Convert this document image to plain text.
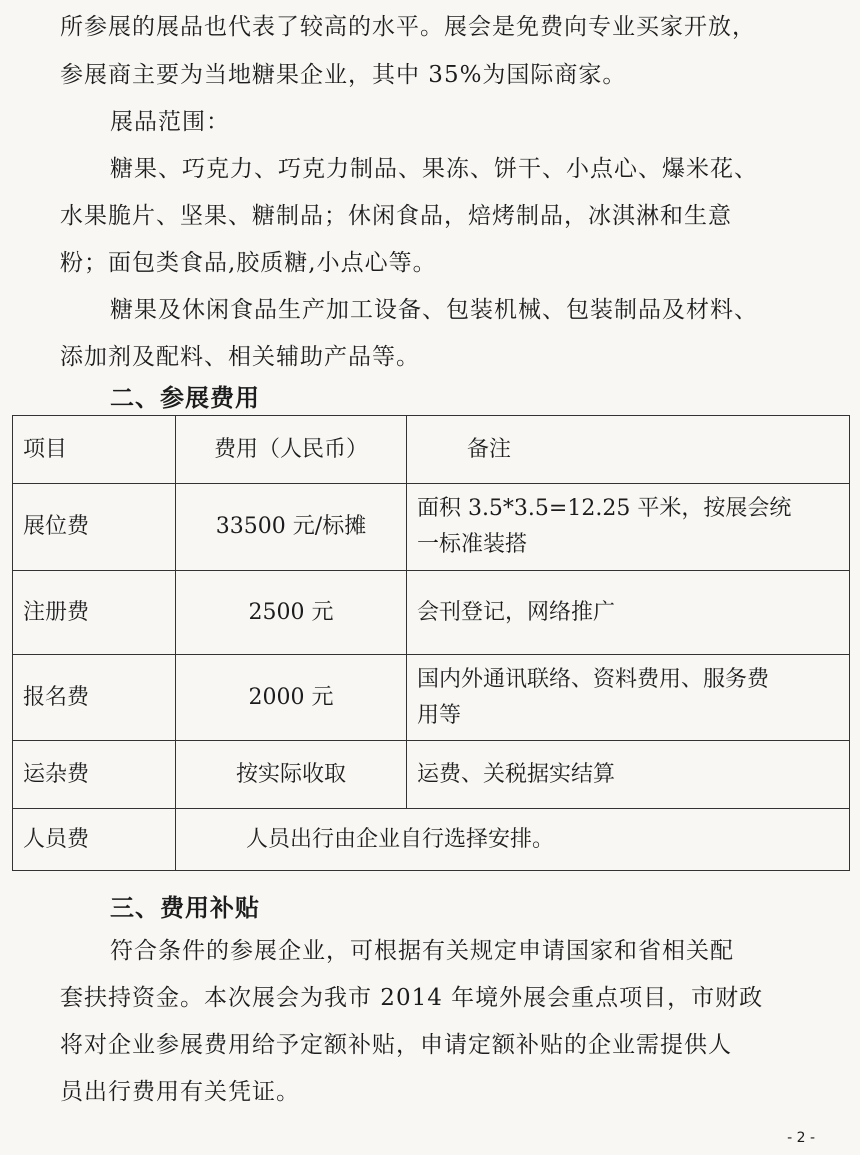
所参展的展品也代表了较高的水平。展会是免费向专业买家开放，
参展商主要为当地糖果企业，其中 35%为国际商家。
展品范围：
糖果、巧克力、巧克力制品、果冻、饼干、小点心、爆米花、
水果脆片、坚果、糖制品；休闲食品，焙烤制品，冰淇淋和生意
粉；面包类食品,胶质糖,小点心等。
糖果及休闲食品生产加工设备、包装机械、包装制品及材料、
添加剂及配料、相关辅助产品等。
二、参展费用
项目	费用（人民币）	备注
展位费	33500 元/标摊	面积 3.5*3.5=12.25 平米，按展会统
一标准装搭

注册费	2500 元	会刊登记，网络推广

报名费	2000 元	国内外通讯联络、资料费用、服务费
用等

运杂费	按实际收取	运费、关税据实结算

人员费	人员出行由企业自行选择安排。	
三、费用补贴
符合条件的参展企业，可根据有关规定申请国家和省相关配
套扶持资金。本次展会为我市 2014 年境外展会重点项目，市财政
将对企业参展费用给予定额补贴，申请定额补贴的企业需提供人
员出行费用有关凭证。
- 2 -
